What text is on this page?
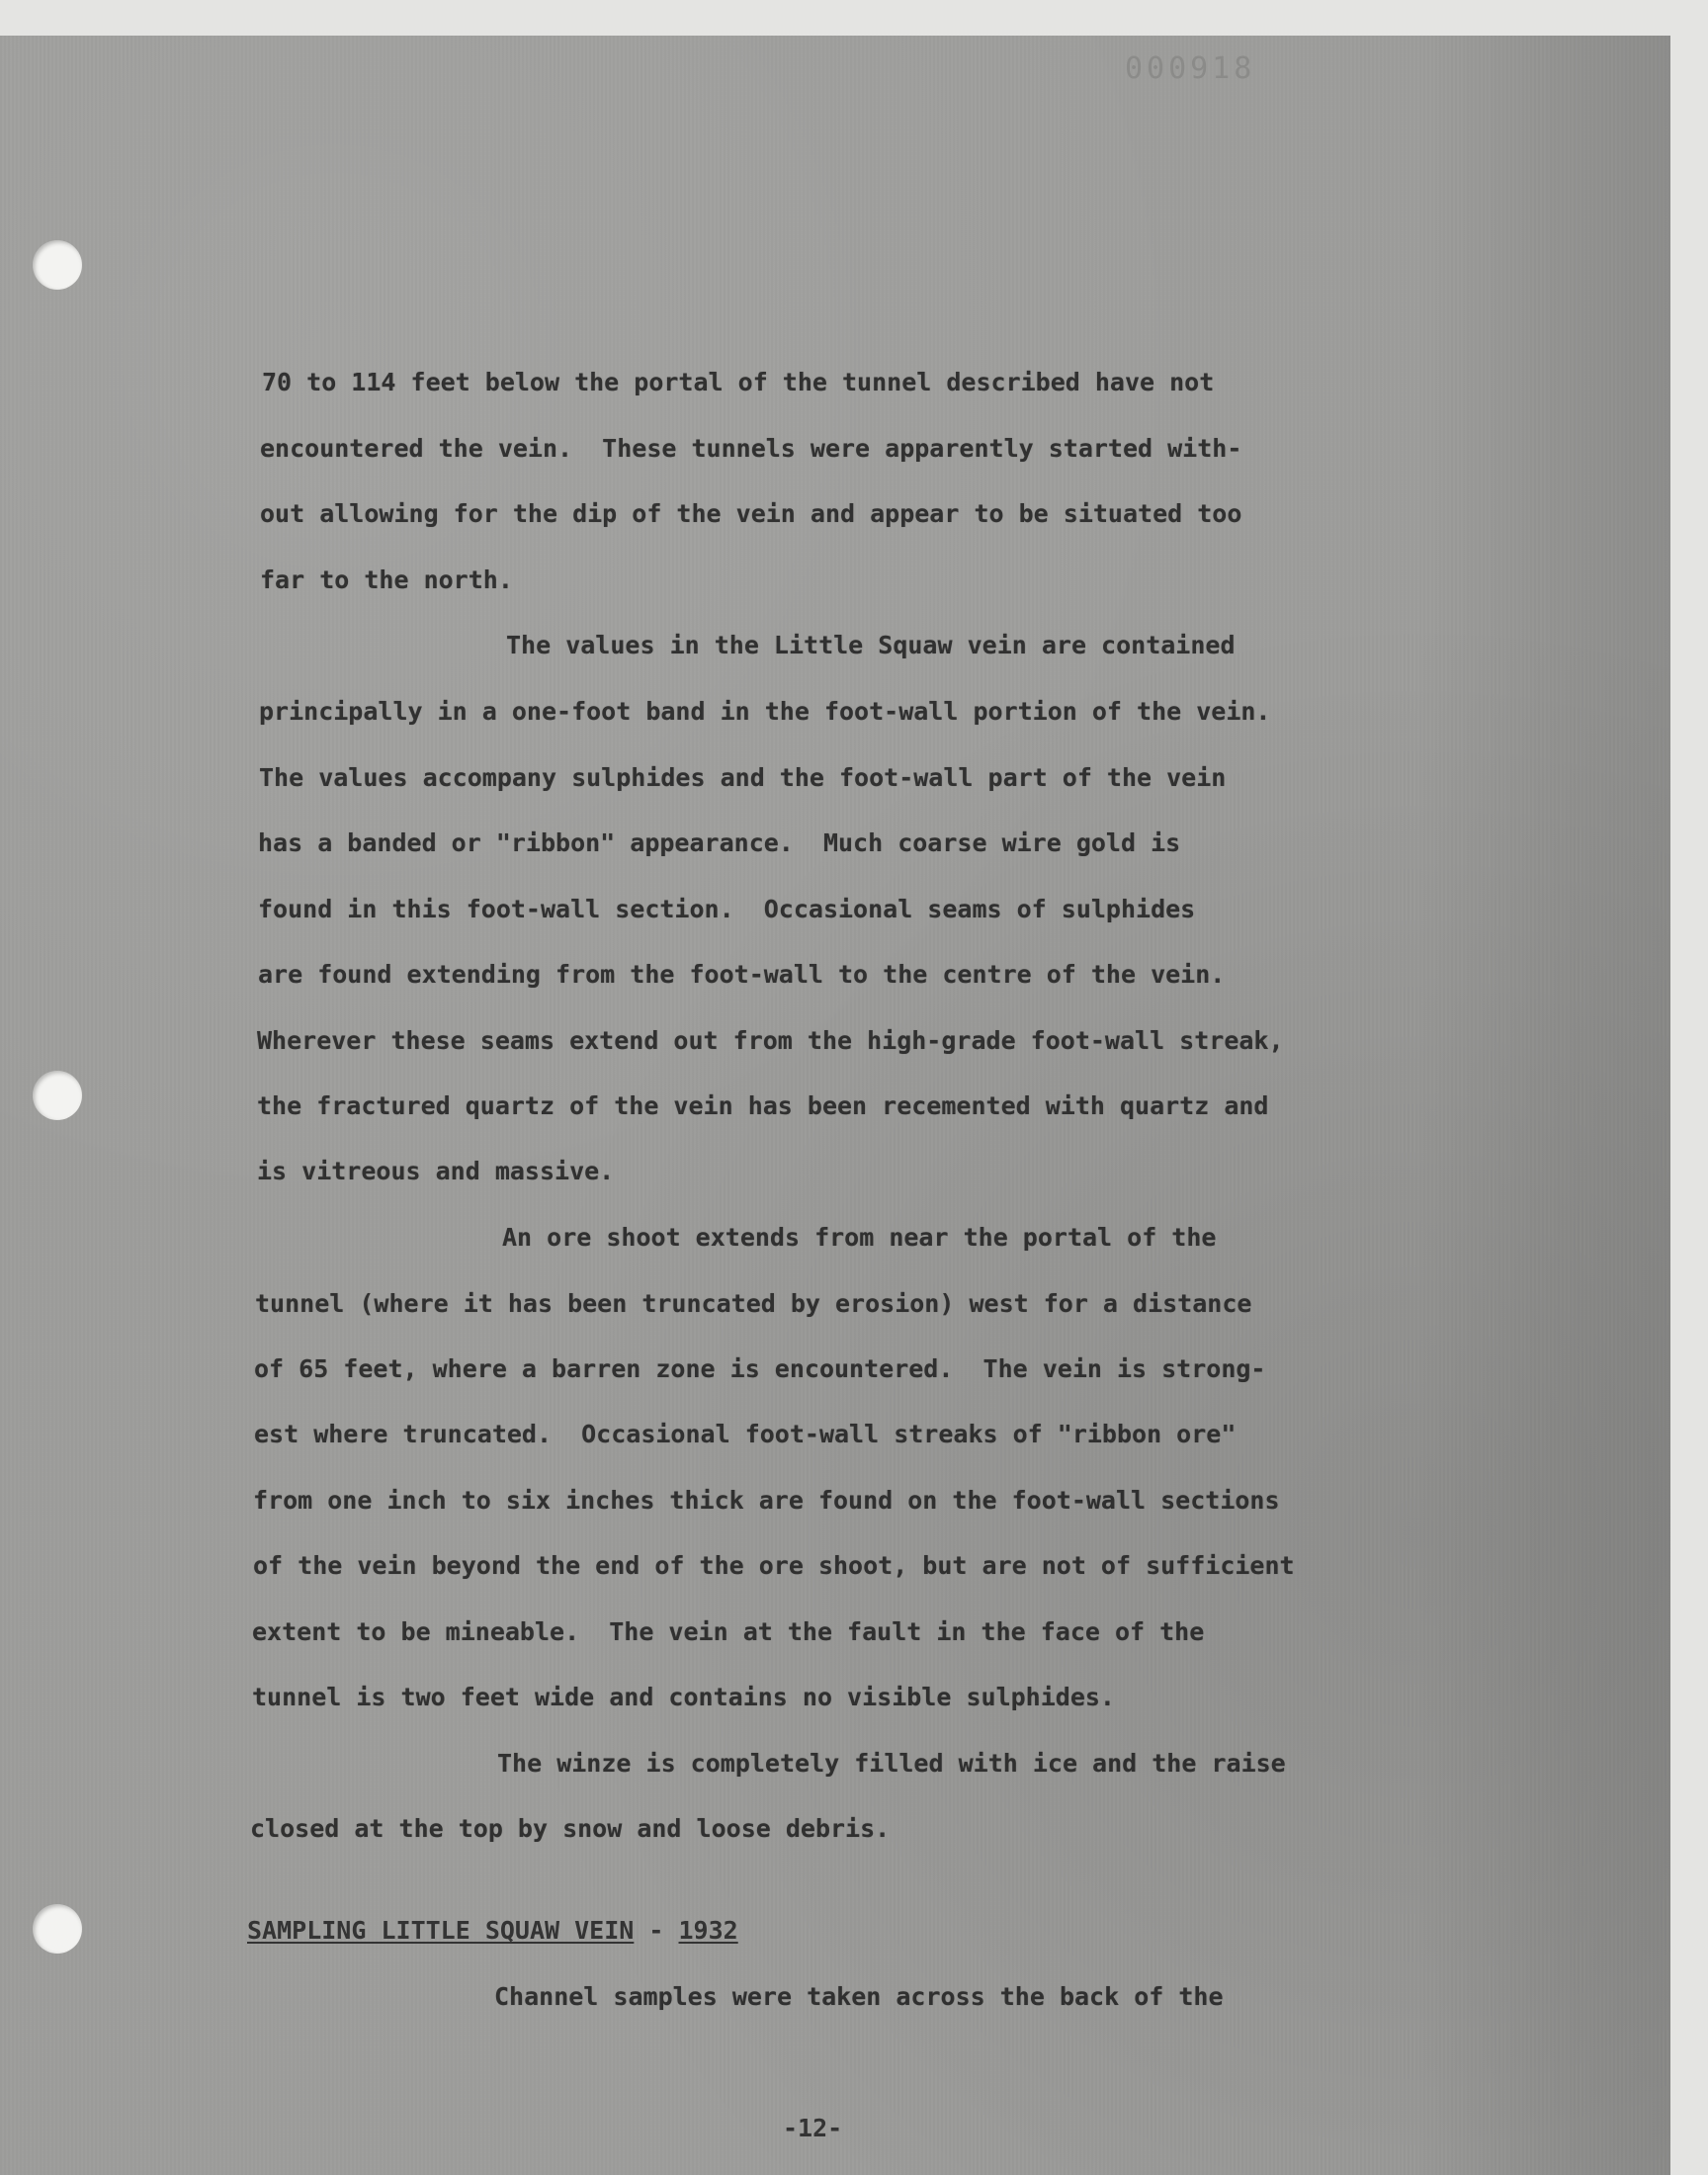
000918
70 to 114 feet below the portal of the tunnel described have not
encountered the vein.  These tunnels were apparently started with-
out allowing for the dip of the vein and appear to be situated too
far to the north.
The values in the Little Squaw vein are contained
principally in a one-foot band in the foot-wall portion of the vein.
The values accompany sulphides and the foot-wall part of the vein
has a banded or "ribbon" appearance.  Much coarse wire gold is
found in this foot-wall section.  Occasional seams of sulphides
are found extending from the foot-wall to the centre of the vein.
Wherever these seams extend out from the high-grade foot-wall streak,
the fractured quartz of the vein has been recemented with quartz and
is vitreous and massive.
An ore shoot extends from near the portal of the
tunnel (where it has been truncated by erosion) west for a distance
of 65 feet, where a barren zone is encountered.  The vein is strong-
est where truncated.  Occasional foot-wall streaks of "ribbon ore"
from one inch to six inches thick are found on the foot-wall sections
of the vein beyond the end of the ore shoot, but are not of sufficient
extent to be mineable.  The vein at the fault in the face of the
tunnel is two feet wide and contains no visible sulphides.
The winze is completely filled with ice and the raise
closed at the top by snow and loose debris.
SAMPLING LITTLE SQUAW VEIN - 1932
Channel samples were taken across the back of the
-12-
